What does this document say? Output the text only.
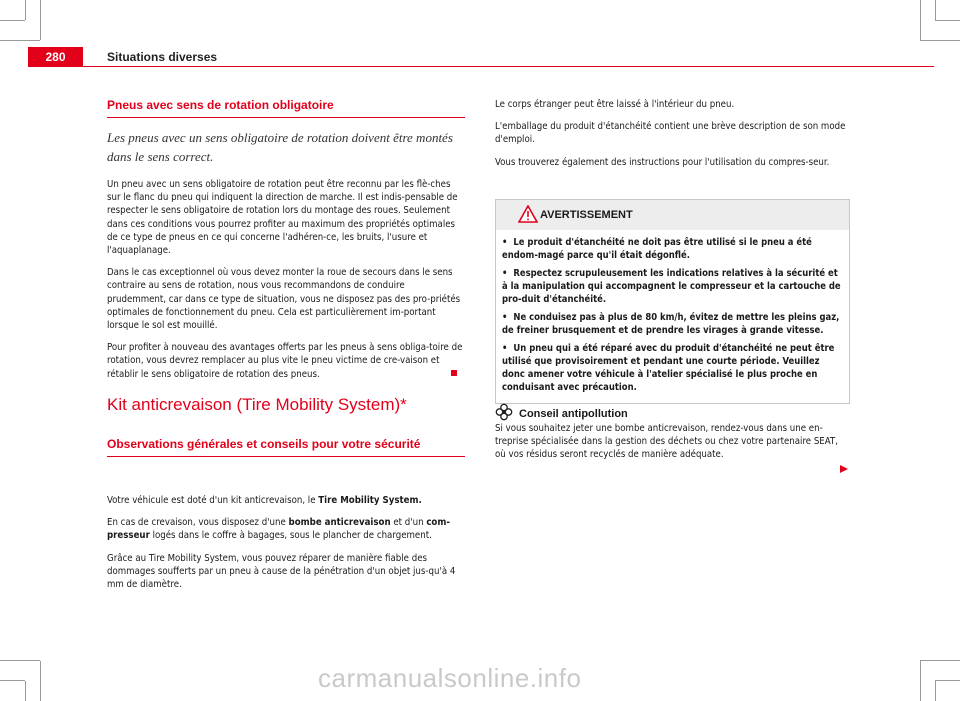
280	Situations diverses
Pneus avec sens de rotation obligatoire
Les pneus avec un sens obligatoire de rotation doivent être montés dans le sens correct.

Un pneu avec un sens obligatoire de rotation peut être reconnu par les flè-ches sur le flanc du pneu qui indiquent la direction de marche. Il est indis-pensable de respecter le sens obligatoire de rotation lors du montage des roues. Seulement dans ces conditions vous pourrez profiter au maximum des propriétés optimales de ce type de pneus en ce qui concerne l'adhéren-ce, les bruits, l'usure et l'aquaplanage.

Dans le cas exceptionnel où vous devez monter la roue de secours dans le sens contraire au sens de rotation, nous vous recommandons de conduire prudemment, car dans ce type de situation, vous ne disposez pas des pro-priétés optimales de fonctionnement du pneu. Cela est particulièrement im-portant lorsque le sol est mouillé.

Pour profiter à nouveau des avantages offerts par les pneus à sens obliga-toire de rotation, vous devrez remplacer au plus vite le pneu victime de cre-vaison et rétablir le sens obligatoire de rotation des pneus.

Kit anticrevaison (Tire Mobility System)*
Observations générales et conseils pour votre sécurité

Votre véhicule est doté d'un kit anticrevaison, le Tire Mobility System.

En cas de crevaison, vous disposez d'une bombe anticrevaison et d'un com-presseur logés dans le coffre à bagages, sous le plancher de chargement.

Grâce au Tire Mobility System, vous pouvez réparer de manière fiable des dommages soufferts par un pneu à cause de la pénétration d'un objet jus-qu'à 4 mm de diamètre.

Le corps étranger peut être laissé à l'intérieur du pneu.

L'emballage du produit d'étanchéité contient une brève description de son mode d'emploi.

Vous trouverez également des instructions pour l'utilisation du compres-seur.

AVERTISSEMENT

• Le produit d'étanchéité ne doit pas être utilisé si le pneu a été endom-magé parce qu'il était dégonflé.

• Respectez scrupuleusement les indications relatives à la sécurité et à la manipulation qui accompagnent le compresseur et la cartouche de pro-duit d'étanchéité.

• Ne conduisez pas à plus de 80 km/h, évitez de mettre les pleins gaz, de freiner brusquement et de prendre les virages à grande vitesse.

• Un pneu qui a été réparé avec du produit d'étanchéité ne peut être utilisé que provisoirement et pendant une courte période. Veuillez donc amener votre véhicule à l'atelier spécialisé le plus proche en conduisant avec précaution.

Conseil antipollution

Si vous souhaitez jeter une bombe anticrevaison, rendez-vous dans une en-treprise spécialisée dans la gestion des déchets ou chez votre partenaire SEAT, où vos résidus seront recyclés de manière adéquate.

carmanualsonline.info
